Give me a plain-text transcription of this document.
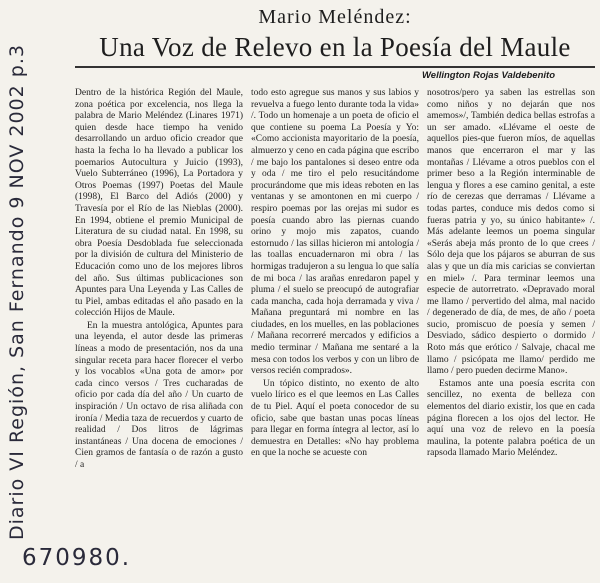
Diario VI Región, San Fernando 9 NOV 2002 p.3
Mario Meléndez:
Una Voz de Relevo en la Poesía del Maule
Wellington Rojas Valdebenito

Dentro de la histórica Región del Maule, zona poética por excelencia, nos llega la palabra de Mario Meléndez (Linares 1971) quien desde hace tiempo ha venido desarrollando un arduo oficio creador que hasta la fecha lo ha llevado a publicar los poemarios Autocultura y Juicio (1993), Vuelo Subterráneo (1996), La Portadora y Otros Poemas (1997) Poetas del Maule (1998), El Barco del Adiós (2000) y Travesía por el Río de las Nieblas (2000). En 1994, obtiene el premio Municipal de Literatura de su ciudad natal. En 1998, su obra Poesía Desdoblada fue seleccionada por la división de cultura del Ministerio de Educación como uno de los mejores libros del año. Sus últimas publicaciones son Apuntes para Una Leyenda y Las Calles de tu Piel, ambas editadas el año pasado en la colección Hijos de Maule.

En la muestra antológica, Apuntes para una leyenda, el autor desde las primeras líneas a modo de presentación, nos da una singular receta para hacer florecer el verbo y los vocablos «Una gota de amor» por cada cinco versos / Tres cucharadas de oficio por cada día del año / Un cuarto de inspiración / Un octavo de risa aliñada con ironía / Media taza de recuerdos y cuarto de realidad / Dos litros de lágrimas instantáneas / Una docena de emociones / Cien gramos de fantasía o de razón a gusto / a

todo esto agregue sus manos y sus labios y revuelva a fuego lento durante toda la vida» /. Todo un homenaje a un poeta de oficio el que contiene su poema La Poesía y Yo: «Como accionista mayoritario de la poesía, almuerzo y ceno en cada página que escribo / me bajo los pantalones si deseo entre oda y oda / me tiro el pelo resucitándome procurándome que mis ideas reboten en las ventanas y se amontonen en mi cuerpo / respiro poemas por las orejas mi sudor es poesía cuando abro las piernas cuando orino y mojo mis zapatos, cuando estornudo / las sillas hicieron mi antología / las toallas encuadernaron mi obra / las hormigas tradujeron a su lengua lo que salía de mi boca / las arañas enredaron papel y pluma / el suelo se preocupó de autografiar cada mancha, cada hoja derramada y viva / Mañana preguntará mi nombre en las ciudades, en los muelles, en las poblaciones / Mañana recorreré mercados y edificios a medio terminar / Mañana me sentaré a la mesa con todos los verbos y con un libro de versos recién comprados».

Un tópico distinto, no exento de alto vuelo lírico es el que leemos en Las Calles de tu Piel. Aquí el poeta conocedor de su oficio, sabe que bastan unas pocas líneas para llegar en forma íntegra al lector, así lo demuestra en Detalles: «No hay problema en que la noche se acueste con

nosotros/pero ya saben las estrellas son como niños y no dejarán que nos amemos»/, También dedica bellas estrofas a un ser amado. «Llévame el oeste de aquellos pies-que fueron míos, de aquellas manos que encerraron el mar y las montañas / Llévame a otros pueblos con el primer beso a la Región interminable de lengua y flores a ese camino genital, a este río de cerezas que derramas / Llévame a todas partes, conduce mis dedos como si fueras patria y yo, su único habitante» /. Más adelante leemos un poema singular «Serás abeja más pronto de lo que crees / Sólo deja que los pájaros se aburran de sus alas y que un día mis caricias se conviertan en miel» /. Para terminar leemos una especie de autorretrato. «Depravado moral me llamo / pervertido del alma, mal nacido / degenerado de día, de mes, de año / poeta sucio, promiscuo de poesía y semen / Desviado, sádico despierto o dormido / Roto más que erótico / Salvaje, chacal me llamo / psicópata me llamo/ perdido me llamo / pero pueden decirme Mano».

Estamos ante una poesía escrita con sencillez, no exenta de belleza con elementos del diario existir, los que en cada página florecen a los ojos del lector. He aquí una voz de relevo en la poesía maulina, la potente palabra poética de un rapsoda llamado Mario Meléndez.

670980.
